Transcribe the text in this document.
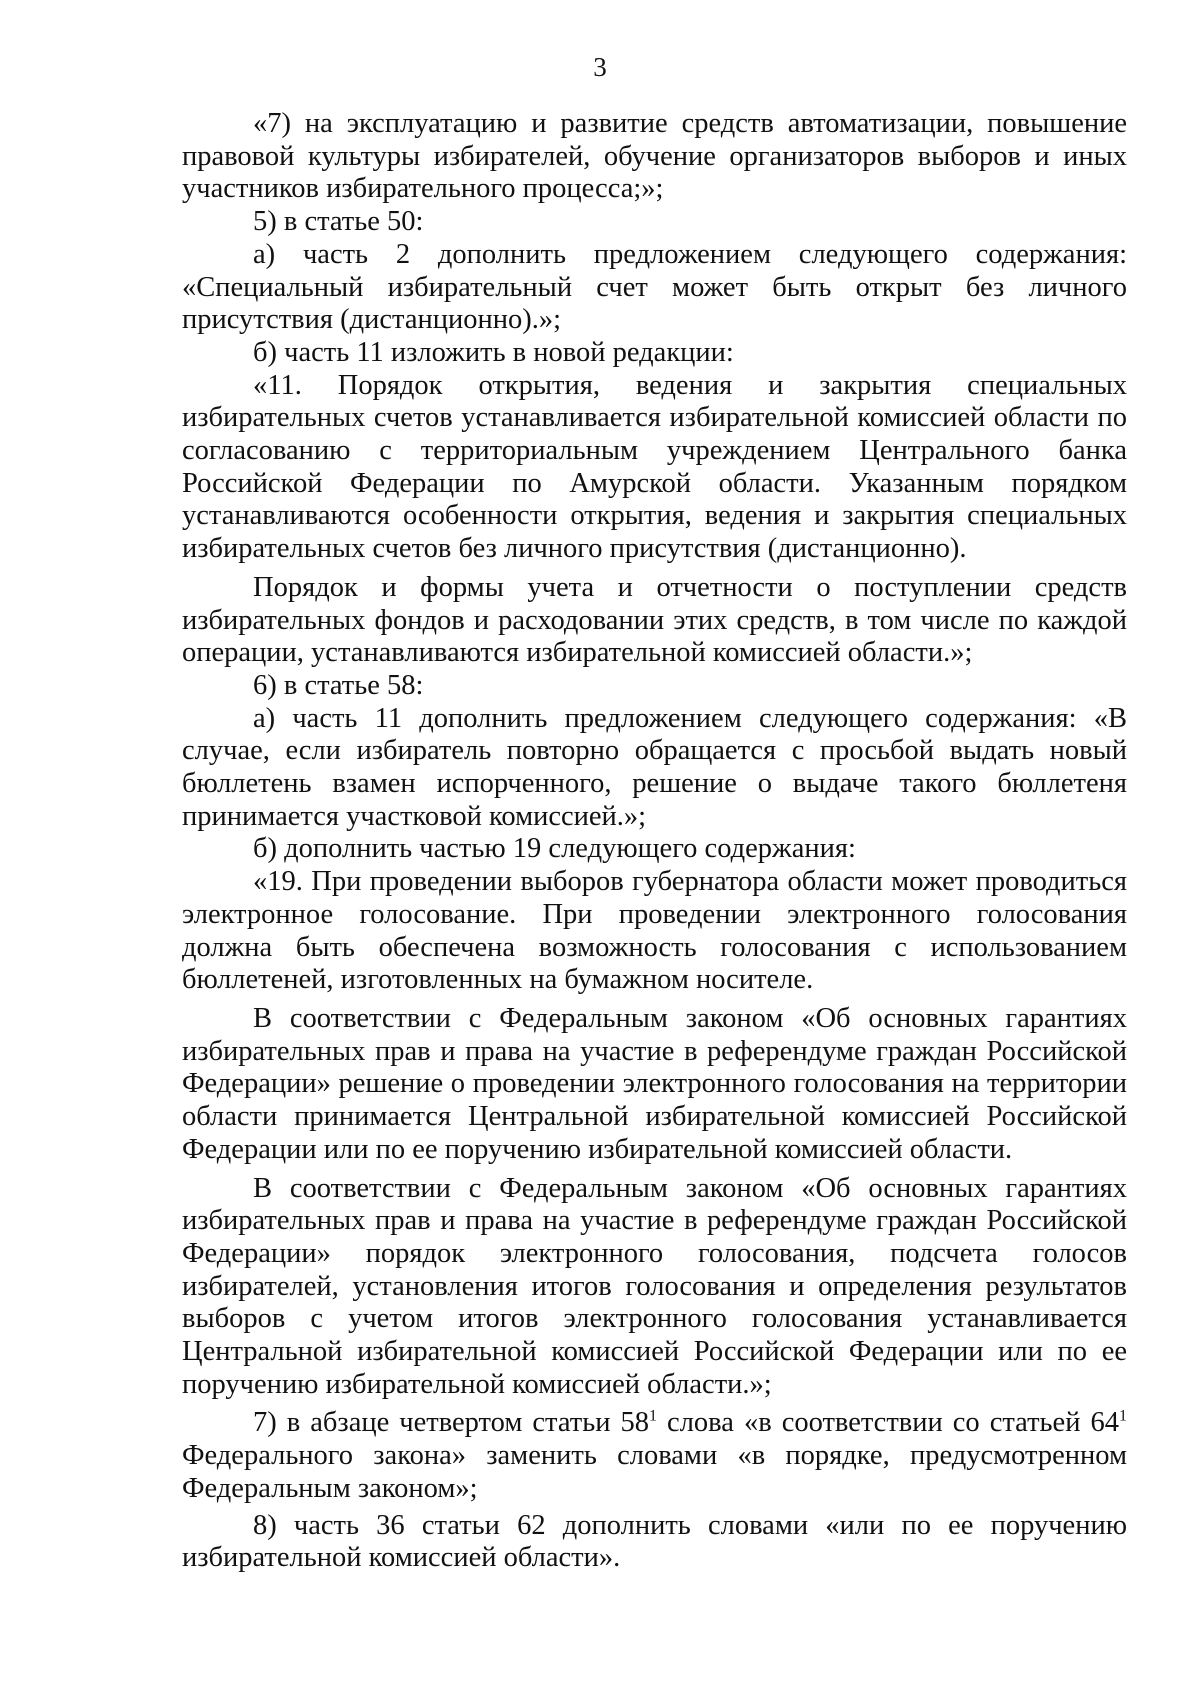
3

«7) на эксплуатацию и развитие средств автоматизации, повышение правовой культуры избирателей, обучение организаторов выборов и иных участников избирательного процесса;»;

5) в статье 50:

а) часть 2 дополнить предложением следующего содержания: «Специальный избирательный счет может быть открыт без личного присутствия (дистанционно).»;

б) часть 11 изложить в новой редакции:

«11. Порядок открытия, ведения и закрытия специальных избирательных счетов устанавливается избирательной комиссией области по согласованию с территориальным учреждением Центрального банка Российской Федерации по Амурской области. Указанным порядком устанавливаются особенности открытия, ведения и закрытия специальных избирательных счетов без личного присутствия (дистанционно).

Порядок и формы учета и отчетности о поступлении средств избирательных фондов и расходовании этих средств, в том числе по каждой операции, устанавливаются избирательной комиссией области.»;

6) в статье 58:

а) часть 11 дополнить предложением следующего содержания: «В случае, если избиратель повторно обращается с просьбой выдать новый бюллетень взамен испорченного, решение о выдаче такого бюллетеня принимается участковой комиссией.»;

б) дополнить частью 19 следующего содержания:

«19. При проведении выборов губернатора области может проводиться электронное голосование. При проведении электронного голосования должна быть обеспечена возможность голосования с использованием бюллетеней, изготовленных на бумажном носителе.

В соответствии с Федеральным законом «Об основных гарантиях избирательных прав и права на участие в референдуме граждан Российской Федерации» решение о проведении электронного голосования на территории области принимается Центральной избирательной комиссией Российской Федерации или по ее поручению избирательной комиссией области.

В соответствии с Федеральным законом «Об основных гарантиях избирательных прав и права на участие в референдуме граждан Российской Федерации» порядок электронного голосования, подсчета голосов избирателей, установления итогов голосования и определения результатов выборов с учетом итогов электронного голосования устанавливается Центральной избирательной комиссией Российской Федерации или по ее поручению избирательной комиссией области.»;

7) в абзаце четвертом статьи $58^1$ слова «в соответствии со статьей $64^1$ Федерального закона» заменить словами «в порядке, предусмотренном Федеральным законом»;

8) часть 36 статьи 62 дополнить словами «или по ее поручению избирательной комиссией области».
